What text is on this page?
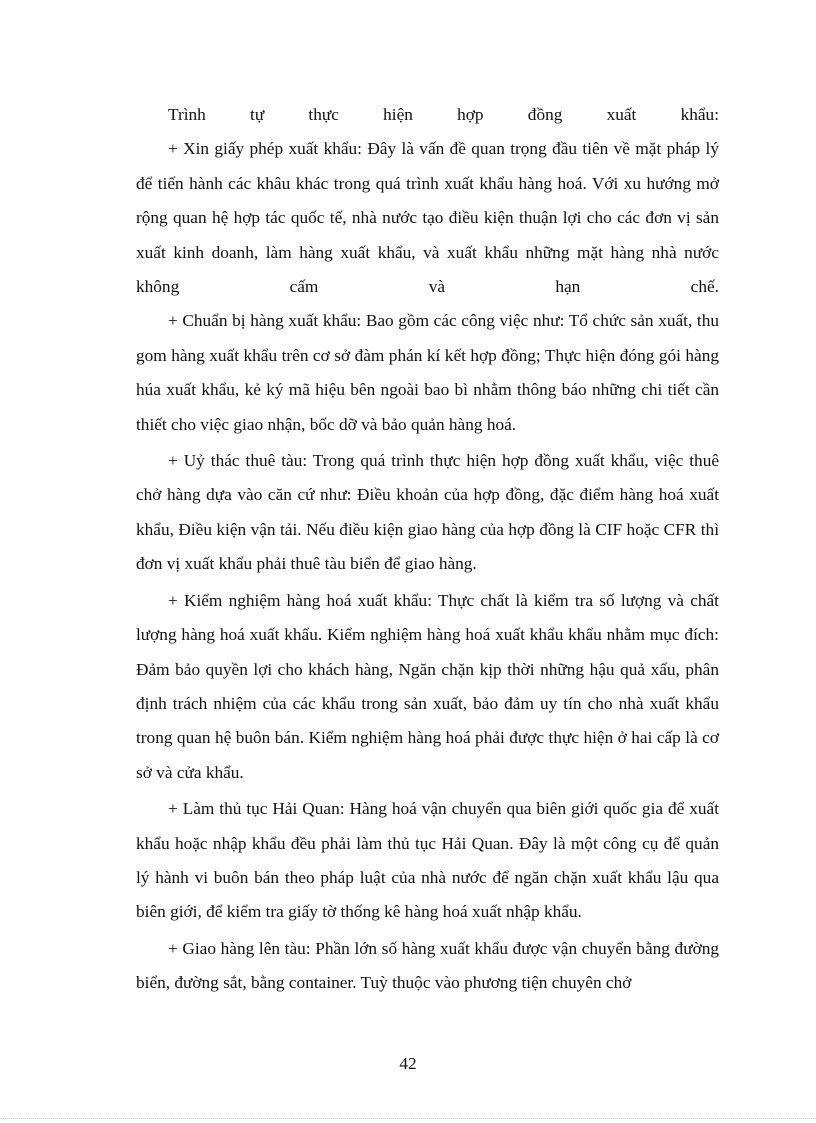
Trình tự thực hiện hợp đồng xuất khẩu:

+ Xin giấy phép xuất khẩu: Đây là vấn đề quan trọng đầu tiên về mặt pháp lý để tiến hành các khâu khác trong quá trình xuất khẩu hàng hoá. Với xu hướng mở rộng quan hệ hợp tác quốc tế, nhà nước tạo điều kiện thuận lợi cho các đơn vị sản xuất kinh doanh, làm hàng xuất khẩu, và xuất khẩu những mặt hàng nhà nước không cấm và hạn chế.

+ Chuẩn bị hàng xuất khẩu: Bao gồm các công việc như: Tổ chức sản xuất, thu gom hàng xuất khẩu trên cơ sở đàm phán kí kết hợp đồng; Thực hiện đóng gói hàng húa xuất khẩu, kẻ ký mã hiệu bên ngoài bao bì nhằm thông báo những chi tiết cần thiết cho việc giao nhận, bốc dỡ và bảo quản hàng hoá.

+ Uỷ thác thuê tàu: Trong quá trình thực hiện hợp đồng xuất khẩu, việc thuê chở hàng dựa vào căn cứ như: Điều khoản của hợp đồng, đặc điểm hàng hoá xuất khẩu, Điều kiện vận tải. Nếu điều kiện giao hàng của hợp đồng là CIF hoặc CFR thì đơn vị xuất khẩu phải thuê tàu biển để giao hàng.

+ Kiểm nghiệm hàng hoá xuất khẩu: Thực chất là kiểm tra số lượng và chất lượng hàng hoá xuất khẩu. Kiểm nghiệm hàng hoá xuất khẩu khẩu nhằm mục đích: Đảm bảo quyền lợi cho khách hàng, Ngăn chặn kịp thời những hậu quả xấu, phân định trách nhiệm của các khẩu trong sản xuất, bảo đảm uy tín cho nhà xuất khẩu trong quan hệ buôn bán. Kiểm nghiệm hàng hoá phải được thực hiện ở hai cấp là cơ sở và cửa khẩu.

+ Làm thủ tục Hải Quan: Hàng hoá vận chuyển qua biên giới quốc gia để xuất khẩu hoặc nhập khẩu đều phải làm thủ tục Hải Quan. Đây là một công cụ để quản lý hành vi buôn bán theo pháp luật của nhà nước để ngăn chặn xuất khẩu lậu qua biên giới, để kiểm tra giấy tờ thống kê hàng hoá xuất nhập khẩu.

+ Giao hàng lên tàu: Phần lớn số hàng xuất khẩu được vận chuyển bằng đường biển, đường sắt, bằng container. Tuỳ thuộc vào phương tiện chuyên chở

42
